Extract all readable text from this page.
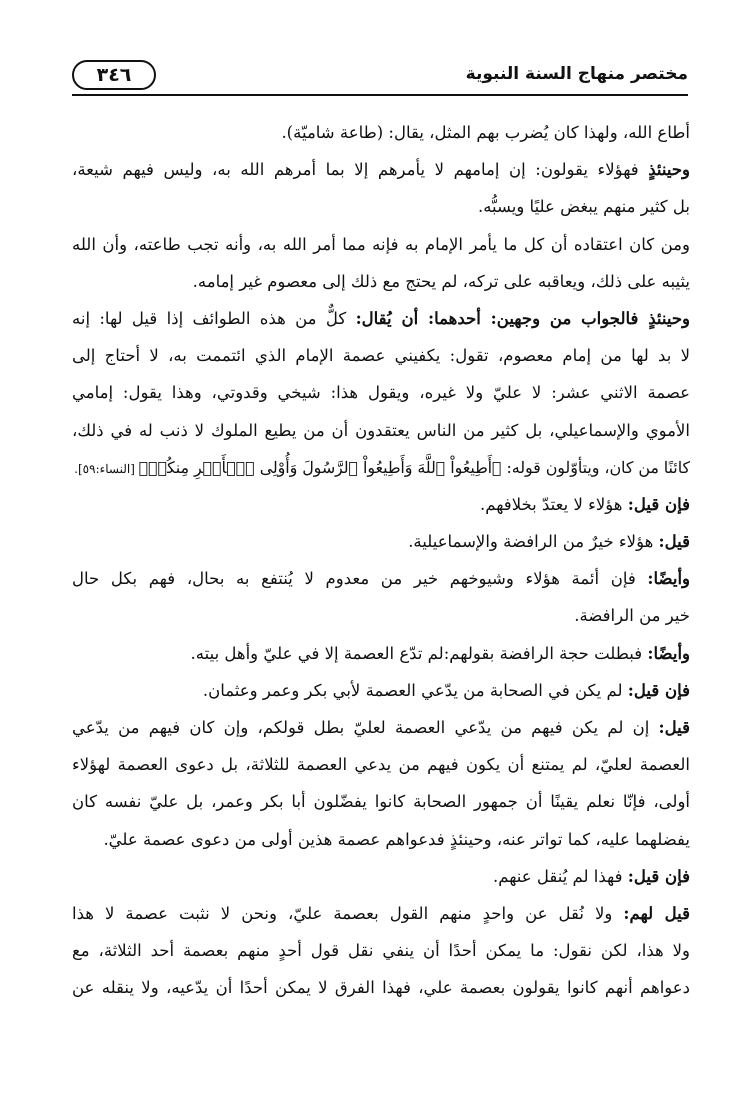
٣٤٦	مختصر منهاج السنة النبوية
أطاع الله، ولهذا كان يُضرب بهم المثل، يقال: (طاعة شاميّة).
وحينئذٍ فهؤلاء يقولون: إن إمامهم لا يأمرهم إلا بما أمرهم الله به، وليس فيهم شيعة،
بل كثير منهم يبغض عليًا ويسبُّه.
ومن كان اعتقاده أن كل ما يأمر الإمام به فإنه مما أمر الله به، وأنه تجب طاعته، وأن الله
يثيبه على ذلك، ويعاقبه على تركه، لم يحتج مع ذلك إلى معصوم غير إمامه.
وحينئذٍ فالجواب من وجهين: أحدهما: أن يُقال: كلٌّ من هذه الطوائف إذا قيل لها: إنه
لا بد لها من إمام معصوم، تقول: يكفيني عصمة الإمام الذي ائتممت به، لا أحتاج إلى
عصمة الاثني عشر: لا عليّ ولا غيره، ويقول هذا: شيخي وقدوتي، وهذا يقول: إمامي
الأموي والإسماعيلي، بل كثير من الناس يعتقدون أن من يطيع الملوك لا ذنب له في ذلك،
كائنًا من كان، ويتأوّلون قوله: ﴿أَطِيعُواْ ٱللَّهَ وَأَطِيعُواْ ٱلرَّسُولَ وَأُوْلِى ٱلۡأَمۡرِ مِنكُمۡ﴾ [النساء:٥٩].
فإن قيل: هؤلاء لا يعتدّ بخلافهم.
قيل: هؤلاء خيرٌ من الرافضة والإسماعيلية.
وأيضًا: فإن أئمة هؤلاء وشيوخهم خير من معدوم لا يُنتفع به بحال، فهم بكل حال
خير من الرافضة.
وأيضًا: فبطلت حجة الرافضة بقولهم:لم تدّع العصمة إلا في عليّ وأهل بيته.
فإن قيل: لم يكن في الصحابة من يدّعي العصمة لأبي بكر وعمر وعثمان.
قيل: إن لم يكن فيهم من يدّعي العصمة لعليّ بطل قولكم، وإن كان فيهم من يدّعي
العصمة لعليّ، لم يمتنع أن يكون فيهم من يدعي العصمة للثلاثة، بل دعوى العصمة لهؤلاء
أولى، فإنّا نعلم يقينًا أن جمهور الصحابة كانوا يفضّلون أبا بكر وعمر، بل عليّ نفسه كان
يفضلهما عليه، كما تواتر عنه، وحينئذٍ فدعواهم عصمة هذين أولى من دعوى عصمة عليّ.
فإن قيل: فهذا لم يُنقل عنهم.
قيل لهم: ولا نُقل عن واحدٍ منهم القول بعصمة عليّ، ونحن لا نثبت عصمة لا هذا
ولا هذا، لكن نقول: ما يمكن أحدًا أن ينفي نقل قول أحدٍ منهم بعصمة أحد الثلاثة، مع
دعواهم أنهم كانوا يقولون بعصمة علي، فهذا الفرق لا يمكن أحدًا أن يدّعيه، ولا ينقله عن
